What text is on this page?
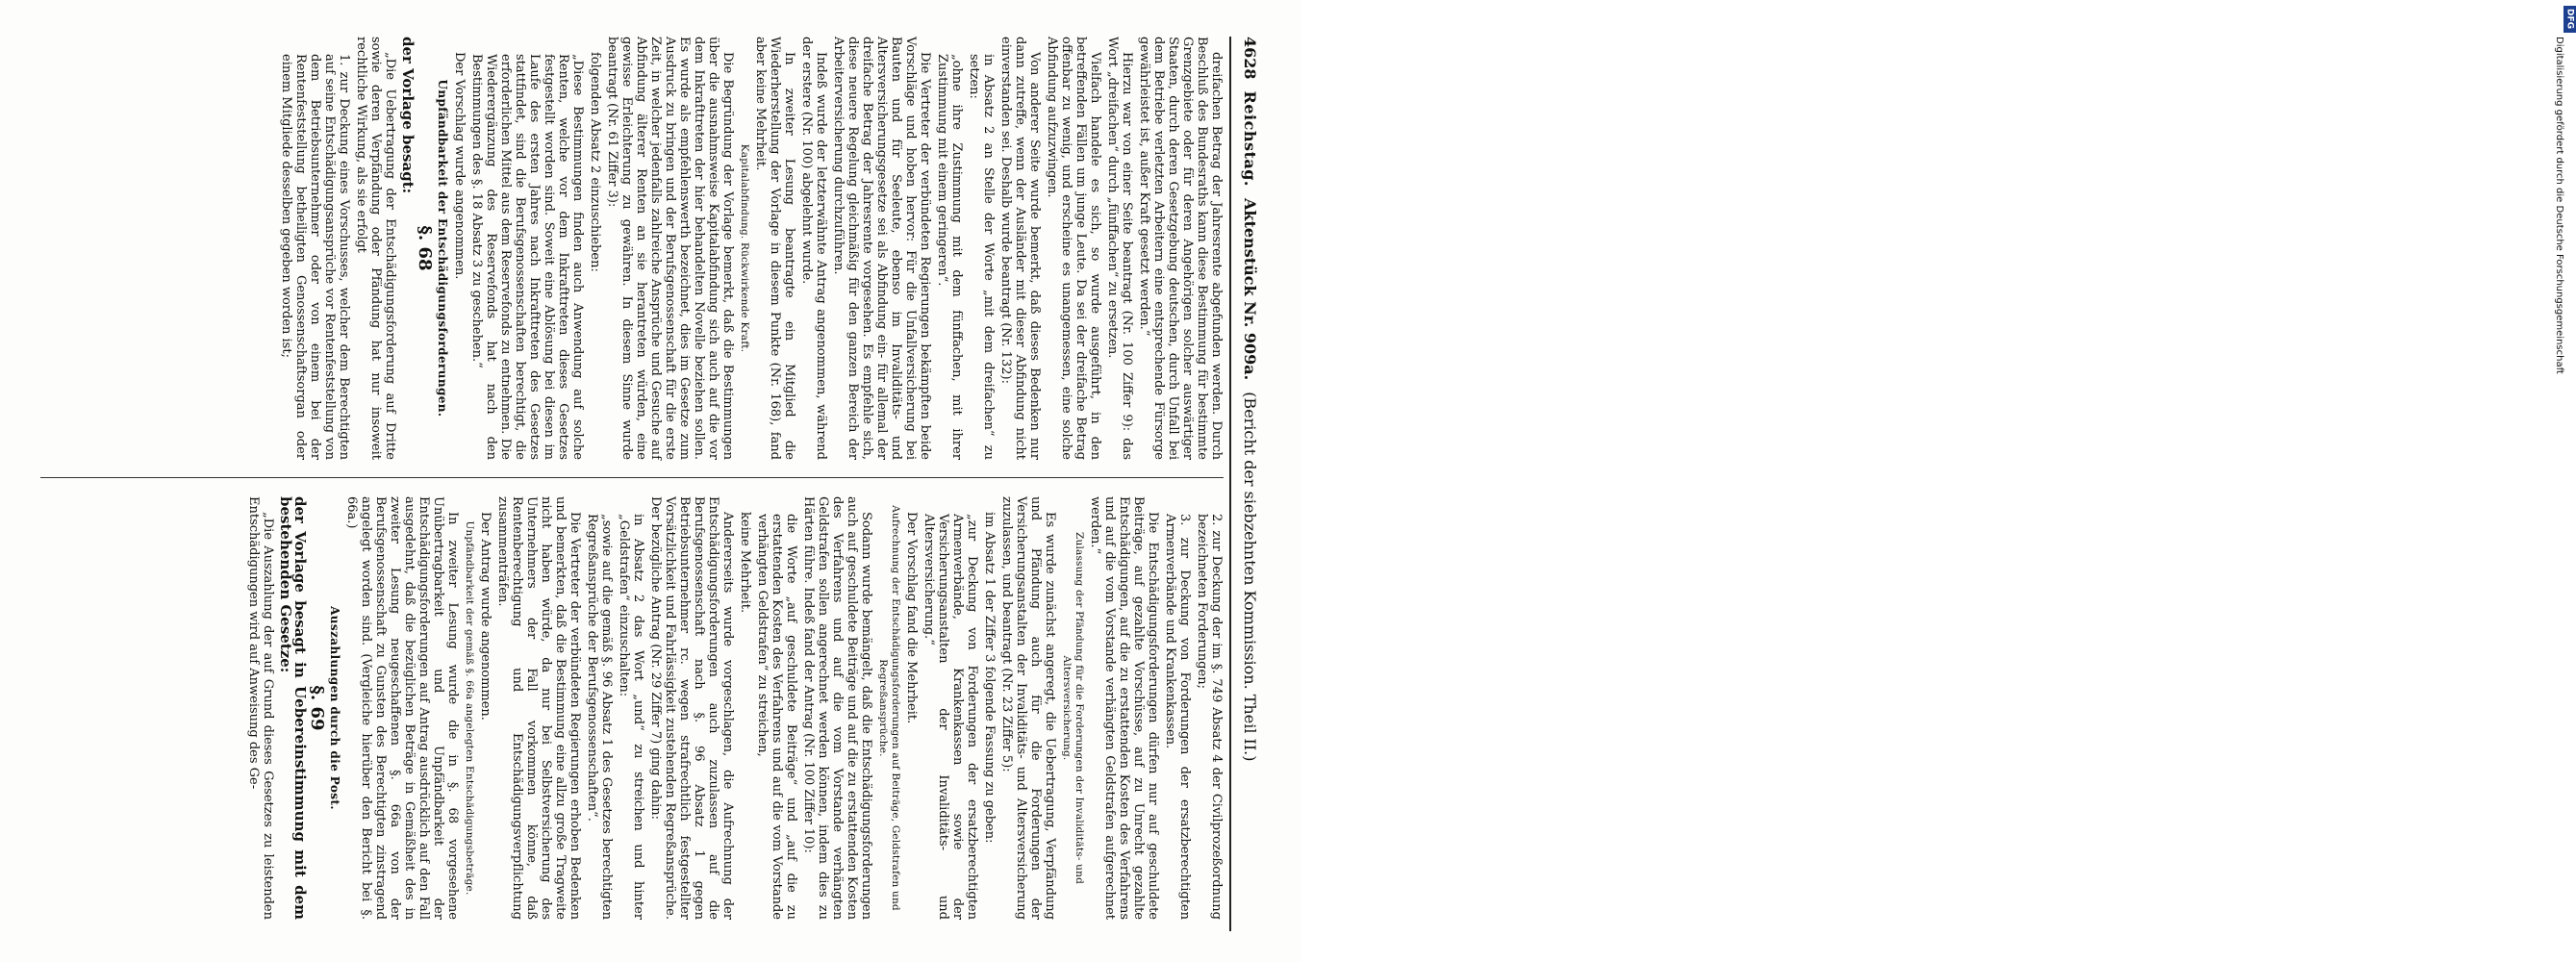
4628
Reichstag.
Aktenstück Nr. 909a.
(Bericht der siebzehnten Kommission. Theil II.)

dreifachen Betrag der Jahresrente abgefunden werden. Durch Beschluß des Bundesraths kann diese Bestimmung für bestimmte Grenzgebiete oder für deren Angehörigen solcher auswärtiger Staaten, durch deren Gesetzgebung deutschen, durch Unfall bei dem Betriebe verletzten Arbeitern eine entsprechende Fürsorge gewährleistet ist, außer Kraft gesetzt werden.“

Hierzu war von einer Seite beantragt (Nr. 100 Ziffer 9): das Wort „dreifachen“ durch „fünffachen“ zu ersetzen.

Vielfach handele es sich, so wurde ausgeführt, in den betreffenden Fällen um junge Leute. Da sei der dreifache Betrag offenbar zu wenig, und erscheine es unangemessen, eine solche Abfindung aufzuzwingen.

Von anderer Seite wurde bemerkt, daß dieses Bedenken nur dann zutreffe, wenn der Ausländer mit dieser Abfindung nicht einverstanden sei. Deshalb wurde beantragt (Nr. 132):

in Absatz 2 an Stelle der Worte „mit dem dreifachen“ zu setzen:

„ohne ihre Zustimmung mit dem fünffachen, mit ihrer Zustimmung mit einem geringeren“.

Die Vertreter der verbündeten Regierungen bekämpften beide Vorschläge und hoben hervor: Für die Unfallversicherung bei Bauten und für Seeleute, ebenso im Invaliditäts- und Altersversicherungsgesetze sei als Abfindung ein- für allemal der dreifache Betrag der Jahresrente vorgesehen. Es empfehle sich, diese neuere Regelung gleichmäßig für den ganzen Bereich der Arbeiterversicherung durchzuführen.

Indeß wurde der letzterwähnte Antrag angenommen, während der erstere (Nr. 100) abgelehnt wurde.

In zweiter Lesung beantragte ein Mitglied die Wiederherstellung der Vorlage in diesem Punkte (Nr. 168), fand aber keine Mehrheit.

Kapitalabfindung. Rückwirkende Kraft.

Die Begründung der Vorlage bemerkt, daß die Bestimmungen über die ausnahmsweise Kapitalabfindung sich auch auf die vor dem Inkrafttreten der hier behandelten Novelle beziehen sollen. Es wurde als empfehlenswerth bezeichnet, dies im Gesetze zum Ausdruck zu bringen und der Berufsgenossenschaft für die erste Zeit, in welcher jedenfalls zahlreiche Ansprüche und Gesuche auf Abfindung älterer Renten an sie herantreten würden, eine gewisse Erleichterung zu gewähren. In diesem Sinne wurde beantragt (Nr. 61 Ziffer 3):

folgenden Absatz 2 einzuschieben:

„Diese Bestimmungen finden auch Anwendung auf solche Renten, welche vor dem Inkrafttreten dieses Gesetzes festgestellt worden sind. Soweit eine Ablösung bei diesen im Laufe des ersten Jahres nach Inkrafttreten des Gesetzes stattfindet, sind die Berufsgenossenschaften berechtigt, die erforderlichen Mittel aus dem Reservefonds zu entnehmen. Die Wiederergänzung des Reservefonds hat nach den Bestimmungen des §. 18 Absatz 3 zu geschehen.“

Der Vorschlag wurde angenommen.

Unpfändbarkeit der Entschädigungsforderungen.

§. 68

der Vorlage besagt:

„Die Uebertragung der Entschädigungsforderung auf Dritte sowie deren Verpfändung oder Pfändung hat nur insoweit rechtliche Wirkung, als sie erfolgt

1. zur Deckung eines Vorschusses, welcher dem Berechtigten auf seine Entschädigungsansprüche vor Rentenfeststellung von dem Betriebsunternehmer oder von einem bei der Rentenfeststellung betheiligten Genossenschaftsorgan oder einem Mitgliede desselben gegeben worden ist;

2. zur Deckung der im §. 749 Absatz 4 der Civilprozeßordnung bezeichneten Forderungen;

3. zur Deckung von Forderungen der ersatzberechtigten Armenverbände und Krankenkassen.

Die Entschädigungsforderungen dürfen nur auf geschuldete Beiträge, auf gezahlte Vorschüsse, auf zu Unrecht gezahlte Entschädigungen, auf die zu erstattenden Kosten des Verfahrens und auf die vom Vorstande verhängten Geldstrafen aufgerechnet werden.“

Zulassung der Pfändung für die Forderungen der Invaliditäts- und Altersversicherung.

Es wurde zunächst angeregt, die Uebertragung, Verpfändung und Pfändung auch für die Forderungen der Versicherungsanstalten der Invaliditäts- und Altersversicherung zuzulassen, und beantragt (Nr. 23 Ziffer 5):

im Absatz 1 der Ziffer 3 folgende Fassung zu geben:

„zur Deckung von Forderungen der ersatzberechtigten Armenverbände, Krankenkassen sowie der Versicherungsanstalten der Invaliditäts- und Altersversicherung.“

Der Vorschlag fand die Mehrheit.

Aufrechnung der Entschädigungsforderungen auf Beiträge, Geldstrafen und Regreßansprüche.

Sodann wurde bemängelt, daß die Entschädigungsforderungen auch auf geschuldete Beiträge und auf die zu erstattenden Kosten des Verfahrens und auf die vom Vorstande verhängten Geldstrafen sollen angerechnet werden können, indem dies zu Härten führe. Indeß fand der Antrag (Nr. 100 Ziffer 10):

die Worte „auf geschuldete Beiträge“ und „auf die zu erstattenden Kosten des Verfahrens und auf die vom Vorstande verhängten Geldstrafen“ zu streichen,

keine Mehrheit.

Andererseits wurde vorgeschlagen, die Aufrechnung der Entschädigungsforderungen auch zuzulassen auf die Berufsgenossenschaft nach §. 96 Absatz 1 gegen Betriebsunternehmer rc. wegen strafrechtlich festgestellter Vorsätzlichkeit und Fahrlässigkeit zustehenden Regreßansprüche. Der bezügliche Antrag (Nr. 29 Ziffer 7) ging dahin:

in Absatz 2 das Wort „und“ zu streichen und hinter „Geldstrafen“ einzuschalten:

„sowie auf die gemäß §. 96 Absatz 1 des Gesetzes berechtigten Regreßansprüche der Berufsgenossenschaften“.

Die Vertreter der verbündeten Regierungen erhoben Bedenken und bemerkten, daß die Bestimmung eine allzu große Tragweite nicht haben würde, da nur bei Selbstversicherung des Unternehmers der Fall vorkommen könne, daß Rentenberechtigung und Entschädigungsverpflichtung zusammenträfen.

Der Antrag wurde angenommen.

Unpfändbarkeit der gemäß §. 66a angelegten Entschädigungsbeträge.

In zweiter Lesung wurde die in §. 68 vorgesehene Unübertragbarkeit und Unpfändbarkeit der Entschädigungsforderungen auf Antrag ausdrücklich auf den Fall ausgedehnt, daß die bezüglichen Beträge in Gemäßheit des in zweiter Lesung neugeschaffenen §. 66a von der Berufsgenossenschaft zu Gunsten des Berechtigten zinstragend angelegt worden sind. (Vergleiche hierüber den Bericht bei §. 66a.)

Auszahlungen durch die Post.

§. 69

der Vorlage besagt in Uebereinstimmung mit dem bestehenden Gesetze:

„Die Auszahlung der auf Grund dieses Gesetzes zu leistenden Entschädigungen wird auf Anweisung des Ge-

DFG
Digitalisierung gefördert durch die Deutsche Forschungsgemeinschaft
